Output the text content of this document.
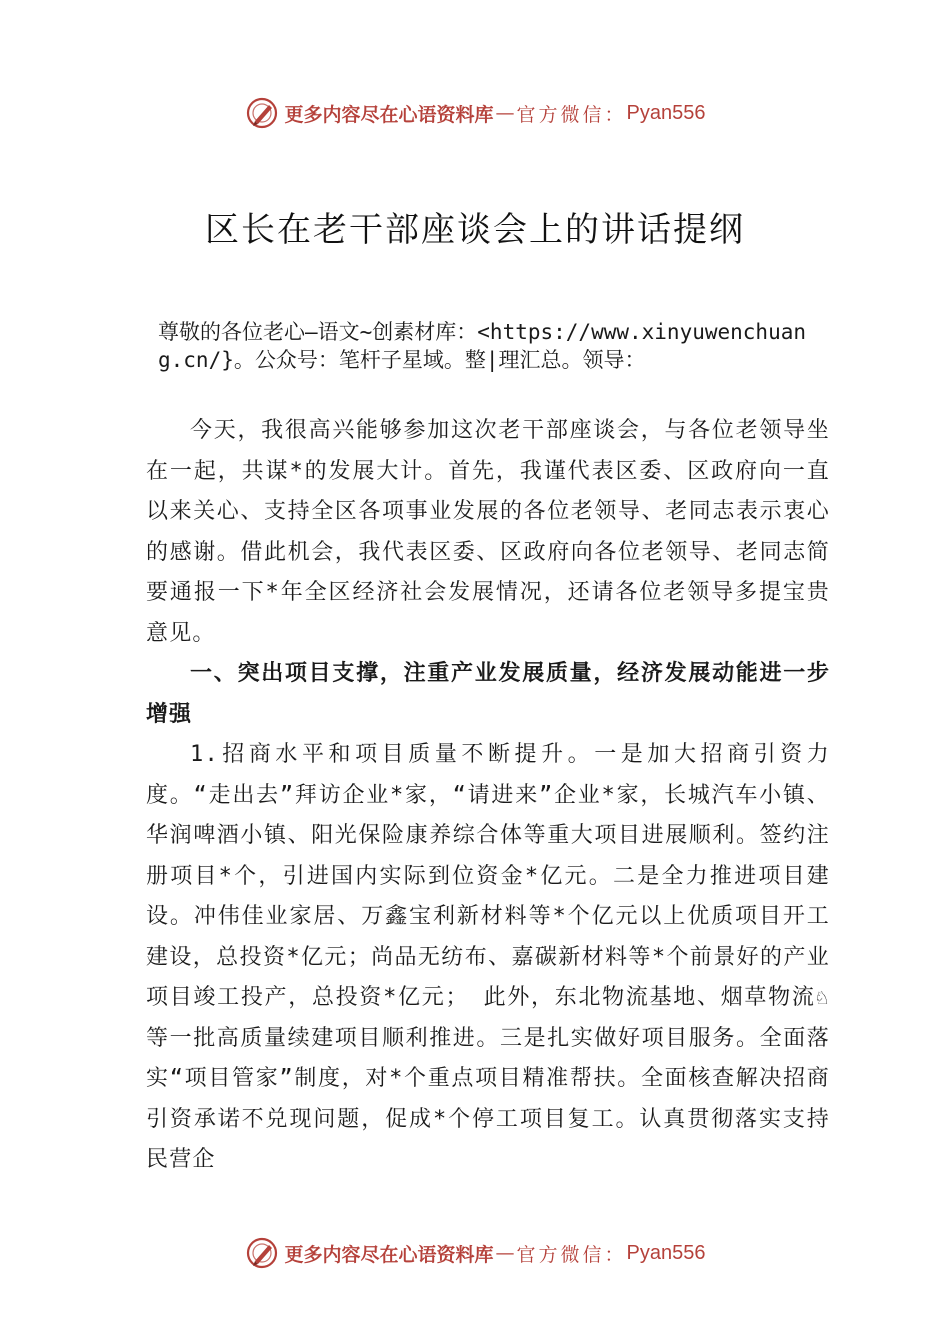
更多内容尽在心语资料库 — 官方微信： Pyan556
区长在老干部座谈会上的讲话提纲
尊敬的各位老心—语文~创素材库：<https://www.xinyuwenchuang.cn/}。公众号：笔杆子星域。整|理汇总。领导：

今天，我很高兴能够参加这次老干部座谈会，与各位老领导坐在一起，共谋*的发展大计。首先，我谨代表区委、区政府向一直以来关心、支持全区各项事业发展的各位老领导、老同志表示衷心的感谢。借此机会，我代表区委、区政府向各位老领导、老同志简要通报一下*年全区经济社会发展情况，还请各位老领导多提宝贵意见。

一、突出项目支撑，注重产业发展质量，经济发展动能进一步增强

1.招商水平和项目质量不断提升。一是加大招商引资力度。“走出去”拜访企业*家，“请进来”企业*家，长城汽车小镇、华润啤酒小镇、阳光保险康养综合体等重大项目进展顺利。签约注册项目*个，引进国内实际到位资金*亿元。二是全力推进项目建设。冲伟佳业家居、万鑫宝利新材料等*个亿元以上优质项目开工建设，总投资*亿元；尚品无纺布、嘉碳新材料等*个前景好的产业项目竣工投产，总投资*亿元； 此外，东北物流基地、烟草物流♘等一批高质量续建项目顺利推进。三是扎实做好项目服务。全面落实“项目管家”制度，对*个重点项目精准帮扶。全面核查解决招商引资承诺不兑现问题，促成*个停工项目复工。认真贯彻落实支持民营企

更多内容尽在心语资料库 — 官方微信： Pyan556
